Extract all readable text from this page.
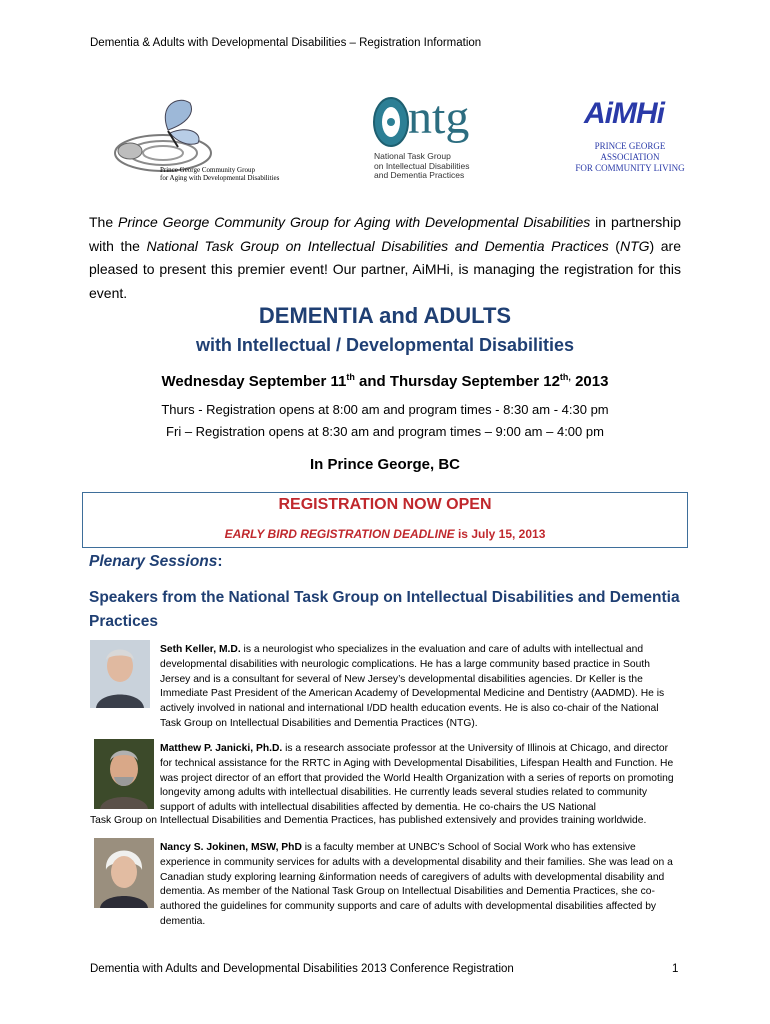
Dementia & Adults with Developmental Disabilities – Registration Information
Prince George Community Group
for Aging with Developmental Disabilities
ntg
National Task Group
on Intellectual Disabilities
and Dementia Practices
AiMHi
PRINCE GEORGE ASSOCIATION
FOR COMMUNITY LIVING
The Prince George Community Group for Aging with Developmental Disabilities in partnership with the National Task Group on Intellectual Disabilities and Dementia Practices (NTG) are pleased to present this premier event! Our partner, AiMHi, is managing the registration for this event.
DEMENTIA and ADULTS
with Intellectual / Developmental Disabilities
Wednesday September 11th and Thursday September $12^{th,}$ 2013
Thurs - Registration opens at 8:00 am and program times - 8:30 am - 4:30 pm
Fri – Registration opens at 8:30 am and program times – 9:00 am – 4:00 pm
In Prince George, BC
REGISTRATION NOW OPEN
EARLY BIRD REGISTRATION DEADLINE is July 15, 2013
Plenary Sessions:
Speakers from the National Task Group on Intellectual Disabilities and Dementia Practices
Seth Keller, M.D. is a neurologist who specializes in the evaluation and care of adults with intellectual and developmental disabilities with neurologic complications. He has a large community based practice in South Jersey and is a consultant for several of New Jersey’s developmental disabilities agencies. Dr Keller is the Immediate Past President of the American Academy of Developmental Medicine and Dentistry (AADMD). He is actively involved in national and international I/DD health education events. He is also co-chair of the National Task Group on Intellectual Disabilities and Dementia Practices (NTG).
Matthew P. Janicki, Ph.D. is a research associate professor at the University of Illinois at Chicago, and director for technical assistance for the RRTC in Aging with Developmental Disabilities, Lifespan Health and Function. He was project director of an effort that provided the World Health Organization with a series of reports on promoting longevity among adults with intellectual disabilities. He currently leads several studies related to community support of adults with intellectual disabilities affected by dementia. He co-chairs the US National
Task Group on Intellectual Disabilities and Dementia Practices, has published extensively and provides training worldwide.
Nancy S. Jokinen, MSW, PhD is a faculty member at UNBC’s School of Social Work who has extensive experience in community services for adults with a developmental disability and their families. She was lead on a Canadian study exploring learning &information needs of caregivers of adults with developmental disability and dementia. As member of the National Task Group on Intellectual Disabilities and Dementia Practices, she co-authored the guidelines for community supports and care of adults with developmental disabilities affected by dementia.
Dementia with Adults and Developmental Disabilities 2013 Conference Registration	1
